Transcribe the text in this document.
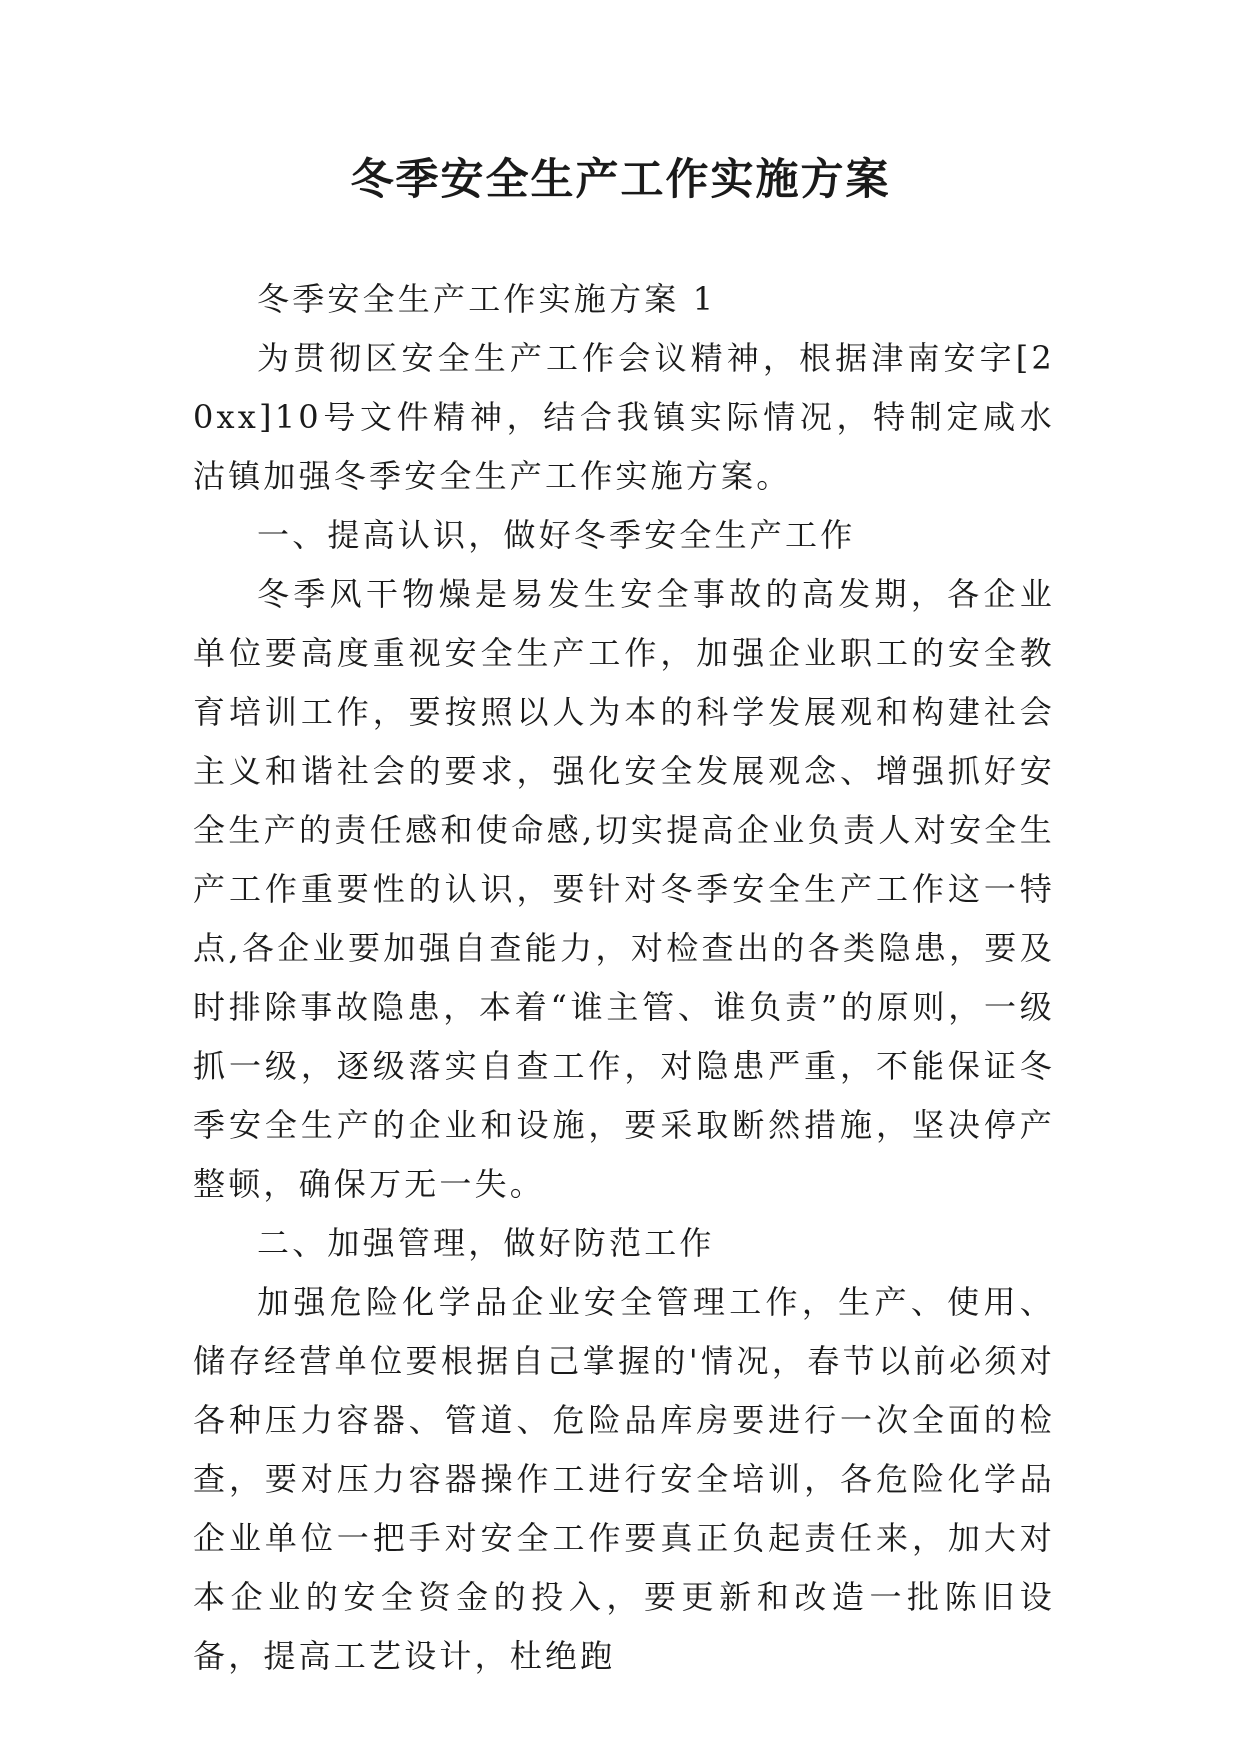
冬季安全生产工作实施方案

冬季安全生产工作实施方案 1

为贯彻区安全生产工作会议精神，根据津南安字[20xx]10号文件精神，结合我镇实际情况，特制定咸水沽镇加强冬季安全生产工作实施方案。

一、提高认识，做好冬季安全生产工作

冬季风干物燥是易发生安全事故的高发期，各企业单位要高度重视安全生产工作，加强企业职工的安全教育培训工作，要按照以人为本的科学发展观和构建社会主义和谐社会的要求，强化安全发展观念、增强抓好安全生产的责任感和使命感,切实提高企业负责人对安全生产工作重要性的认识，要针对冬季安全生产工作这一特点,各企业要加强自查能力，对检查出的各类隐患，要及时排除事故隐患，本着“谁主管、谁负责”的原则，一级抓一级，逐级落实自查工作，对隐患严重，不能保证冬季安全生产的企业和设施，要采取断然措施，坚决停产整顿，确保万无一失。

二、加强管理，做好防范工作

加强危险化学品企业安全管理工作，生产、使用、储存经营单位要根据自己掌握的'情况，春节以前必须对各种压力容器、管道、危险品库房要进行一次全面的检查，要对压力容器操作工进行安全培训，各危险化学品企业单位一把手对安全工作要真正负起责任来，加大对本企业的安全资金的投入，要更新和改造一批陈旧设备，提高工艺设计，杜绝跑
